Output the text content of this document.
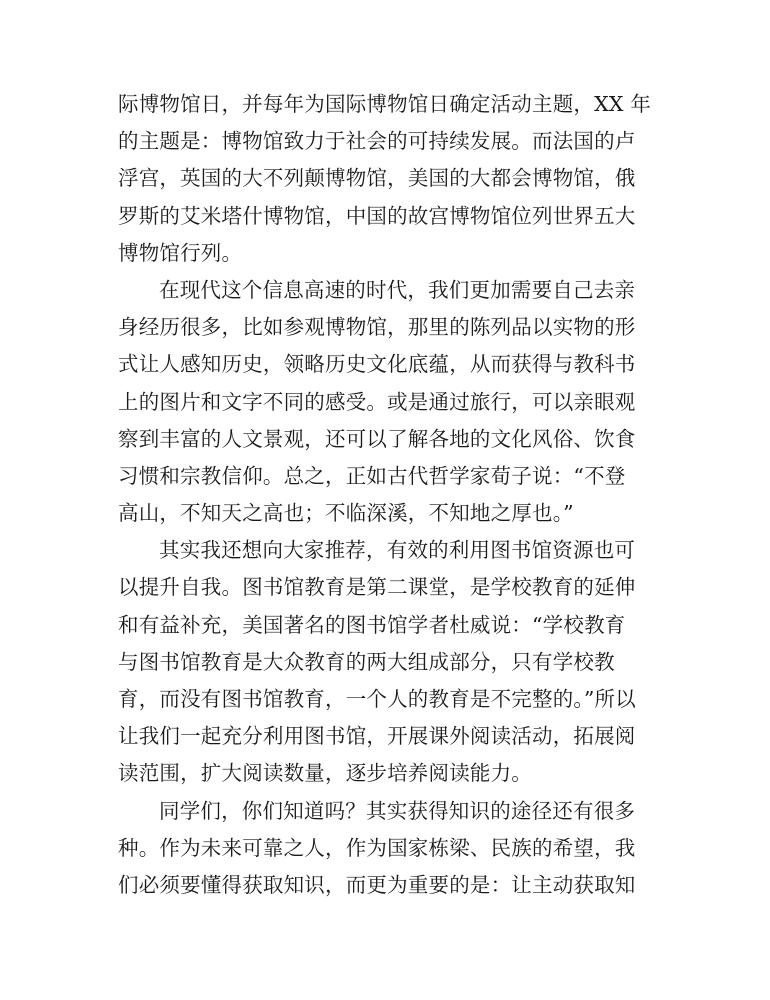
际博物馆日，并每年为国际博物馆日确定活动主题，XX 年
的主题是：博物馆致力于社会的可持续发展。而法国的卢
浮宫，英国的大不列颠博物馆，美国的大都会博物馆，俄
罗斯的艾米塔什博物馆，中国的故宫博物馆位列世界五大
博物馆行列。
在现代这个信息高速的时代，我们更加需要自己去亲
身经历很多，比如参观博物馆，那里的陈列品以实物的形
式让人感知历史，领略历史文化底蕴，从而获得与教科书
上的图片和文字不同的感受。或是通过旅行，可以亲眼观
察到丰富的人文景观，还可以了解各地的文化风俗、饮食
习惯和宗教信仰。总之，正如古代哲学家荀子说：“不登
高山，不知天之高也；不临深溪，不知地之厚也。”
其实我还想向大家推荐，有效的利用图书馆资源也可
以提升自我。图书馆教育是第二课堂，是学校教育的延伸
和有益补充，美国著名的图书馆学者杜威说：“学校教育
与图书馆教育是大众教育的两大组成部分，只有学校教
育，而没有图书馆教育，一个人的教育是不完整的。”所以
让我们一起充分利用图书馆，开展课外阅读活动，拓展阅
读范围，扩大阅读数量，逐步培养阅读能力。
同学们，你们知道吗？其实获得知识的途径还有很多
种。作为未来可靠之人，作为国家栋梁、民族的希望，我
们必须要懂得获取知识，而更为重要的是：让主动获取知
